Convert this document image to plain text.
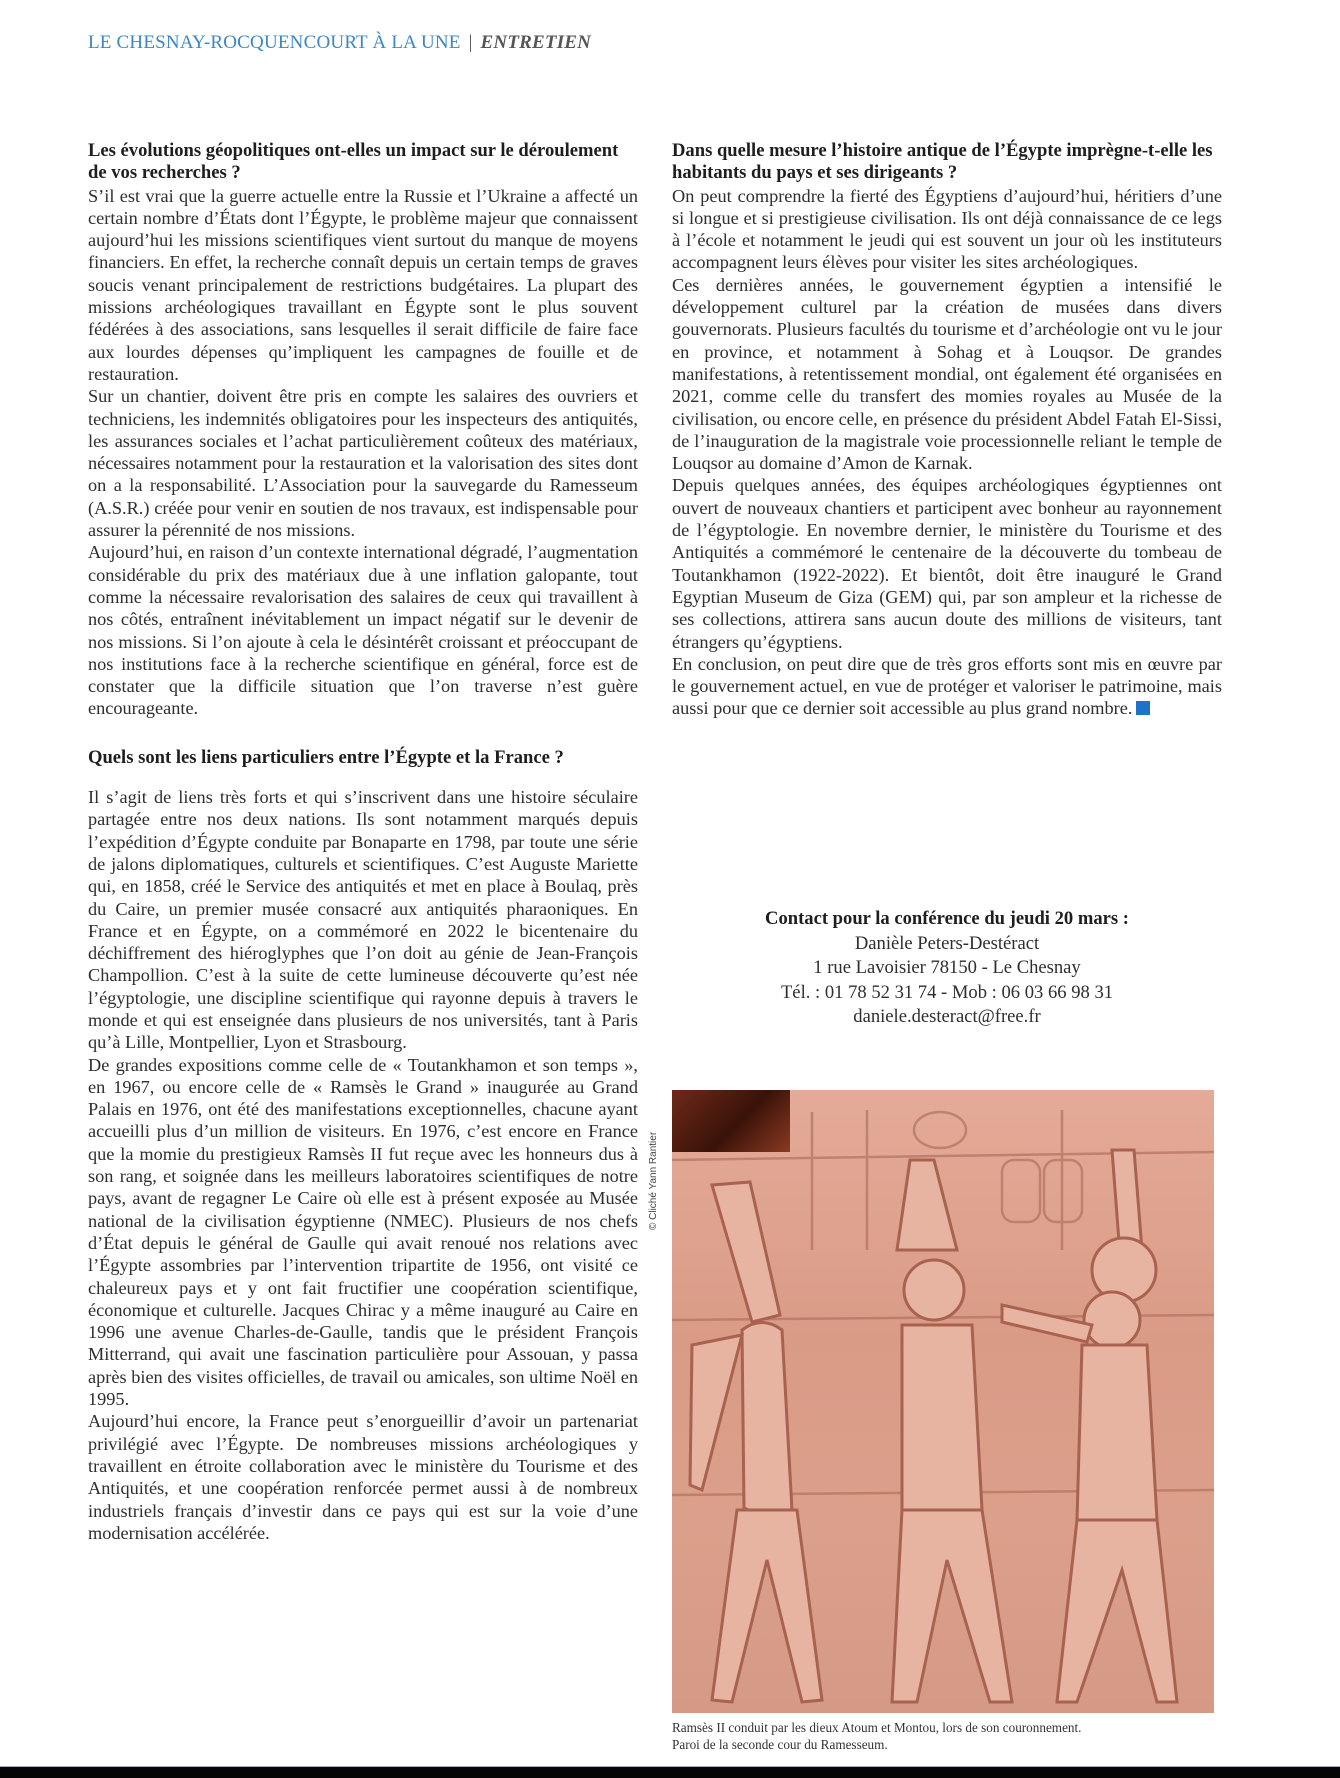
LE CHESNAY-ROCQUENCOURT À LA UNE | ENTRETIEN
Les évolutions géopolitiques ont-elles un impact sur le déroulement de vos recherches ?

S’il est vrai que la guerre actuelle entre la Russie et l’Ukraine a affecté un certain nombre d’États dont l’Égypte, le problème majeur que connaissent aujourd’hui les missions scientifiques vient surtout du manque de moyens financiers. En effet, la recherche connaît depuis un certain temps de graves soucis venant principalement de restrictions budgétaires. La plupart des missions archéologiques travaillant en Égypte sont le plus souvent fédérées à des associations, sans lesquelles il serait difficile de faire face aux lourdes dépenses qu’impliquent les campagnes de fouille et de restauration.

Sur un chantier, doivent être pris en compte les salaires des ouvriers et techniciens, les indemnités obligatoires pour les inspecteurs des antiquités, les assurances sociales et l’achat particulièrement coûteux des matériaux, nécessaires notamment pour la restauration et la valorisation des sites dont on a la responsabilité. L’Association pour la sauvegarde du Ramesseum (A.S.R.) créée pour venir en soutien de nos travaux, est indispensable pour assurer la pérennité de nos missions.

Aujourd’hui, en raison d’un contexte international dégradé, l’augmentation considérable du prix des matériaux due à une inflation galopante, tout comme la nécessaire revalorisation des salaires de ceux qui travaillent à nos côtés, entraînent inévitablement un impact négatif sur le devenir de nos missions. Si l’on ajoute à cela le désintérêt croissant et préoccupant de nos institutions face à la recherche scientifique en général, force est de constater que la difficile situation que l’on traverse n’est guère encourageante.

Quels sont les liens particuliers entre l’Égypte et la France ?

Il s’agit de liens très forts et qui s’inscrivent dans une histoire séculaire partagée entre nos deux nations. Ils sont notamment marqués depuis l’expédition d’Égypte conduite par Bonaparte en 1798, par toute une série de jalons diplomatiques, culturels et scientifiques. C’est Auguste Mariette qui, en 1858, créé le Service des antiquités et met en place à Boulaq, près du Caire, un premier musée consacré aux antiquités pharaoniques. En France et en Égypte, on a commémoré en 2022 le bicentenaire du déchiffrement des hiéroglyphes que l’on doit au génie de Jean-François Champollion. C’est à la suite de cette lumineuse découverte qu’est née l’égyptologie, une discipline scientifique qui rayonne depuis à travers le monde et qui est enseignée dans plusieurs de nos universités, tant à Paris qu’à Lille, Montpellier, Lyon et Strasbourg.

De grandes expositions comme celle de « Toutankhamon et son temps », en 1967, ou encore celle de « Ramsès le Grand » inaugurée au Grand Palais en 1976, ont été des manifestations exceptionnelles, chacune ayant accueilli plus d’un million de visiteurs. En 1976, c’est encore en France que la momie du prestigieux Ramsès II fut reçue avec les honneurs dus à son rang, et soignée dans les meilleurs laboratoires scientifiques de notre pays, avant de regagner Le Caire où elle est à présent exposée au Musée national de la civilisation égyptienne (NMEC). Plusieurs de nos chefs d’État depuis le général de Gaulle qui avait renoué nos relations avec l’Égypte assombries par l’intervention tripartite de 1956, ont visité ce chaleureux pays et y ont fait fructifier une coopération scientifique, économique et culturelle. Jacques Chirac y a même inauguré au Caire en 1996 une avenue Charles-de-Gaulle, tandis que le président François Mitterrand, qui avait une fascination particulière pour Assouan, y passa après bien des visites officielles, de travail ou amicales, son ultime Noël en 1995.

Aujourd’hui encore, la France peut s’enorgueillir d’avoir un partenariat privilégié avec l’Égypte. De nombreuses missions archéologiques y travaillent en étroite collaboration avec le ministère du Tourisme et des Antiquités, et une coopération renforcée permet aussi à de nombreux industriels français d’investir dans ce pays qui est sur la voie d’une modernisation accélérée.

Dans quelle mesure l’histoire antique de l’Égypte imprègne-t-elle les habitants du pays et ses dirigeants ?

On peut comprendre la fierté des Égyptiens d’aujourd’hui, héritiers d’une si longue et si prestigieuse civilisation. Ils ont déjà connaissance de ce legs à l’école et notamment le jeudi qui est souvent un jour où les instituteurs accompagnent leurs élèves pour visiter les sites archéologiques.

Ces dernières années, le gouvernement égyptien a intensifié le développement culturel par la création de musées dans divers gouvernorats. Plusieurs facultés du tourisme et d’archéologie ont vu le jour en province, et notamment à Sohag et à Louqsor. De grandes manifestations, à retentissement mondial, ont également été organisées en 2021, comme celle du transfert des momies royales au Musée de la civilisation, ou encore celle, en présence du président Abdel Fatah El-Sissi, de l’inauguration de la magistrale voie processionnelle reliant le temple de Louqsor au domaine d’Amon de Karnak.

Depuis quelques années, des équipes archéologiques égyptiennes ont ouvert de nouveaux chantiers et participent avec bonheur au rayonnement de l’égyptologie. En novembre dernier, le ministère du Tourisme et des Antiquités a commémoré le centenaire de la découverte du tombeau de Toutankhamon (1922-2022). Et bientôt, doit être inauguré le Grand Egyptian Museum de Giza (GEM) qui, par son ampleur et la richesse de ses collections, attirera sans aucun doute des millions de visiteurs, tant étrangers qu’égyptiens.

En conclusion, on peut dire que de très gros efforts sont mis en œuvre par le gouvernement actuel, en vue de protéger et valoriser le patrimoine, mais aussi pour que ce dernier soit accessible au plus grand nombre.

Contact pour la conférence du jeudi 20 mars :
Danièle Peters-Destéract
1 rue Lavoisier 78150 - Le Chesnay
Tél. : 01 78 52 31 74 - Mob : 06 03 66 98 31
daniele.desteract@free.fr
© Cliché Yann Rantier
Ramsès II conduit par les dieux Atoum et Montou, lors de son couronnement.
Paroi de la seconde cour du Ramesseum.
